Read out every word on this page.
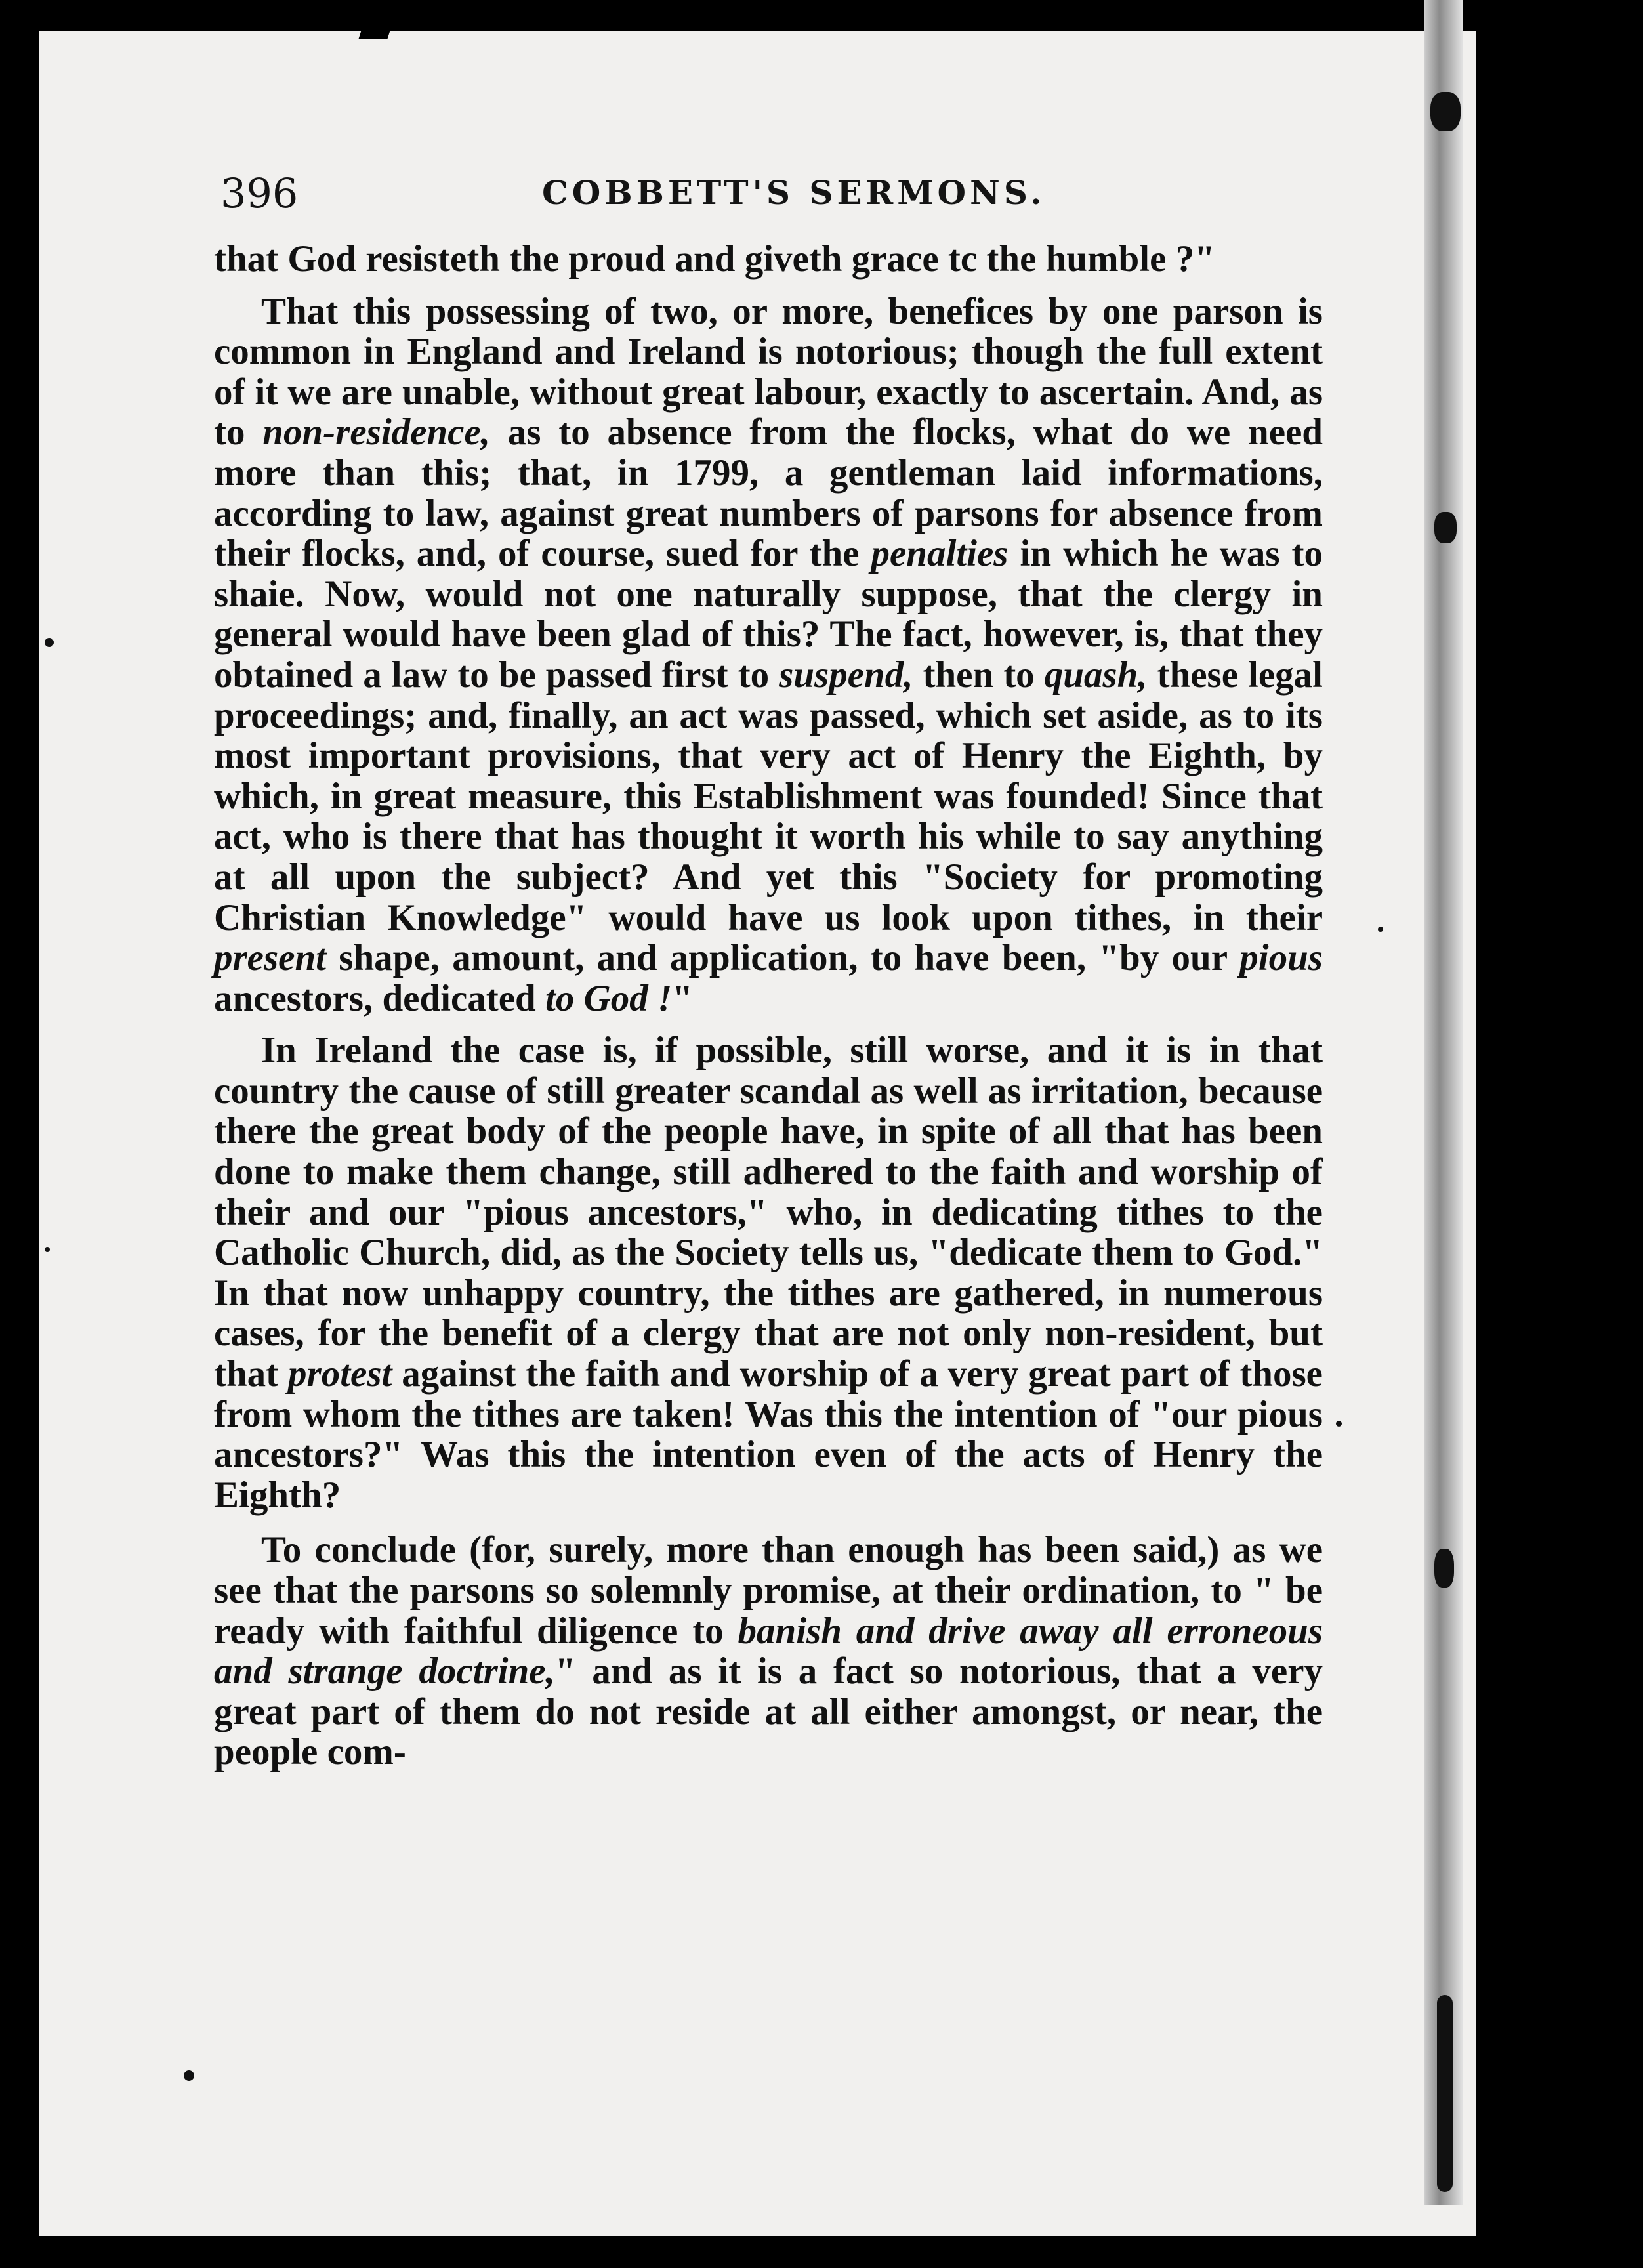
396	COBBETT'S SERMONS.

that God resisteth the proud and giveth grace tc the humble ?"

That this possessing of two, or more, benefices by one parson is common in England and Ireland is notorious; though the full extent of it we are unable, without great labour, exactly to ascertain. And, as to non-residence, as to absence from the flocks, what do we need more than this; that, in 1799, a gentleman laid informations, according to law, against great numbers of parsons for absence from their flocks, and, of course, sued for the penalties in which he was to shaie. Now, would not one naturally suppose, that the clergy in general would have been glad of this? The fact, however, is, that they obtained a law to be passed first to suspend, then to quash, these legal proceedings; and, finally, an act was passed, which set aside, as to its most important provisions, that very act of Henry the Eighth, by which, in great measure, this Establishment was founded! Since that act, who is there that has thought it worth his while to say anything at all upon the subject? And yet this "Society for promoting Christian Knowledge" would have us look upon tithes, in their present shape, amount, and application, to have been, "by our pious ancestors, dedicated to God !"

In Ireland the case is, if possible, still worse, and it is in that country the cause of still greater scandal as well as irritation, because there the great body of the people have, in spite of all that has been done to make them change, still adhered to the faith and worship of their and our "pious ancestors," who, in dedicating tithes to the Catholic Church, did, as the Society tells us, "dedicate them to God." In that now unhappy country, the tithes are gathered, in numerous cases, for the benefit of a clergy that are not only non-resident, but that protest against the faith and worship of a very great part of those from whom the tithes are taken! Was this the intention of "our pious ancestors?" Was this the intention even of the acts of Henry the Eighth?

To conclude (for, surely, more than enough has been said,) as we see that the parsons so solemnly promise, at their ordination, to " be ready with faithful diligence to banish and drive away all erroneous and strange doctrine," and as it is a fact so notorious, that a very great part of them do not reside at all either amongst, or near, the people com-
